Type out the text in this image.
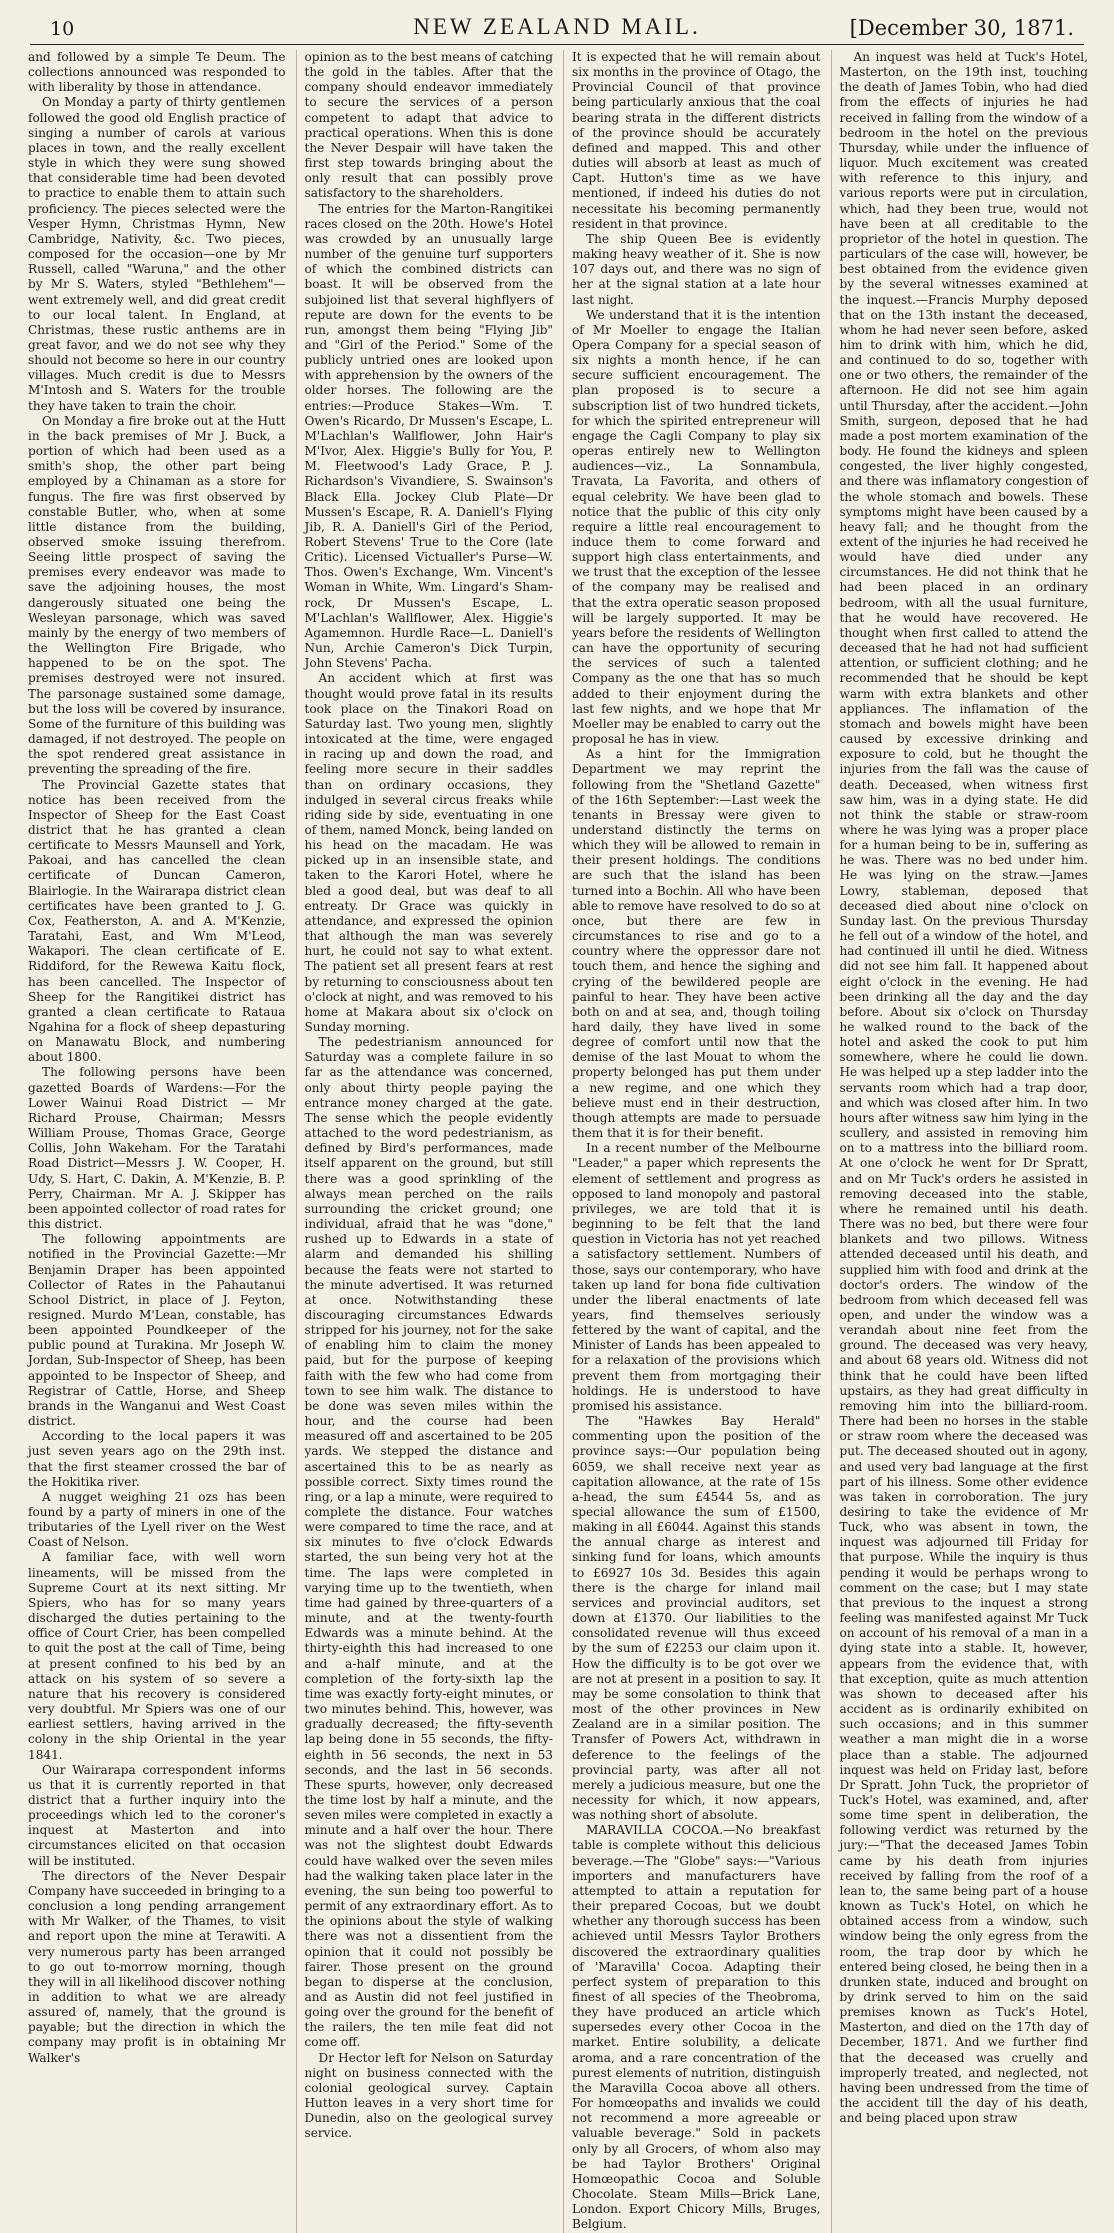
10	NEW ZEALAND MAIL.	[December 30, 1871.

and followed by a simple Te Deum. The collections announced was responded to with liberality by those in attendance.

On Monday a party of thirty gentlemen followed the good old English practice of singing a number of carols at various places in town, and the really excellent style in which they were sung showed that considerable time had been devoted to practice to enable them to attain such proficiency. The pieces selected were the Vesper Hymn, Christmas Hymn, New Cambridge, Nativity, &c. Two pieces, composed for the occasion—one by Mr Russell, called "Waruna," and the other by Mr S. Waters, styled "Bethlehem"—went extremely well, and did great credit to our local talent. In England, at Christmas, these rustic anthems are in great favor, and we do not see why they should not become so here in our country villages. Much credit is due to Messrs M'Intosh and S. Waters for the trouble they have taken to train the choir.

On Monday a fire broke out at the Hutt in the back premises of Mr J. Buck, a portion of which had been used as a smith's shop, the other part being employed by a Chinaman as a store for fungus. The fire was first observed by constable Butler, who, when at some little distance from the building, observed smoke issuing therefrom. Seeing little prospect of saving the premises every endeavor was made to save the adjoining houses, the most dangerously situated one being the Wesleyan parsonage, which was saved mainly by the energy of two members of the Wellington Fire Brigade, who happened to be on the spot. The premises destroyed were not insured. The parsonage sustained some damage, but the loss will be covered by insurance. Some of the furniture of this building was damaged, if not destroyed. The people on the spot rendered great assistance in preventing the spreading of the fire.

The Provincial Gazette states that notice has been received from the Inspector of Sheep for the East Coast district that he has granted a clean certificate to Messrs Maunsell and York, Pakoai, and has cancelled the clean certificate of Duncan Cameron, Blairlogie. In the Wairarapa district clean certificates have been granted to J. G. Cox, Featherston, A. and A. M'Kenzie, Taratahi, East, and Wm M'Leod, Wakapori. The clean certificate of E. Riddiford, for the Rewewa Kaitu flock, has been cancelled. The Inspector of Sheep for the Rangitikei district has granted a clean certificate to Rataua Ngahina for a flock of sheep depasturing on Manawatu Block, and numbering about 1800.

The following persons have been gazetted Boards of Wardens:—For the Lower Wainui Road District — Mr Richard Prouse, Chairman; Messrs William Prouse, Thomas Grace, George Collis, John Wakeham. For the Taratahi Road District—Messrs J. W. Cooper, H. Udy, S. Hart, C. Dakin, A. M'Kenzie, B. P. Perry, Chairman. Mr A. J. Skipper has been appointed collector of road rates for this district.

The following appointments are notified in the Provincial Gazette:—Mr Benjamin Draper has been appointed Collector of Rates in the Pahautanui School District, in place of J. Feyton, resigned. Murdo M'Lean, constable, has been appointed Poundkeeper of the public pound at Turakina. Mr Joseph W. Jordan, Sub-Inspector of Sheep, has been appointed to be Inspector of Sheep, and Registrar of Cattle, Horse, and Sheep brands in the Wanganui and West Coast district.

According to the local papers it was just seven years ago on the 29th inst. that the first steamer crossed the bar of the Hokitika river.

A nugget weighing 21 ozs has been found by a party of miners in one of the tributaries of the Lyell river on the West Coast of Nelson.

A familiar face, with well worn lineaments, will be missed from the Supreme Court at its next sitting. Mr Spiers, who has for so many years discharged the duties pertaining to the office of Court Crier, has been compelled to quit the post at the call of Time, being at present confined to his bed by an attack on his system of so severe a nature that his recovery is considered very doubtful. Mr Spiers was one of our earliest settlers, having arrived in the colony in the ship Oriental in the year 1841.

Our Wairarapa correspondent informs us that it is currently reported in that district that a further inquiry into the proceedings which led to the coroner's inquest at Masterton and into circumstances elicited on that occasion will be instituted.

The directors of the Never Despair Company have succeeded in bringing to a conclusion a long pending arrangement with Mr Walker, of the Thames, to visit and report upon the mine at Terawiti. A very numerous party has been arranged to go out to-morrow morning, though they will in all likelihood discover nothing in addition to what we are already assured of, namely, that the ground is payable; but the direction in which the company may profit is in obtaining Mr Walker's

opinion as to the best means of catching the gold in the tables. After that the company should endeavor immediately to secure the services of a person competent to adapt that advice to practical operations. When this is done the Never Despair will have taken the first step towards bringing about the only result that can possibly prove satisfactory to the shareholders.

The entries for the Marton-Rangitikei races closed on the 20th. Howe's Hotel was crowded by an unusually large number of the genuine turf supporters of which the combined districts can boast. It will be observed from the subjoined list that several highflyers of repute are down for the events to be run, amongst them being "Flying Jib" and "Girl of the Period." Some of the publicly untried ones are looked upon with apprehension by the owners of the older horses. The following are the entries:—Produce Stakes—Wm. T. Owen's Ricardo, Dr Mussen's Escape, L. M'Lachlan's Wallflower, John Hair's M'Ivor, Alex. Higgie's Bully for You, P. M. Fleetwood's Lady Grace, P. J. Richardson's Vivandiere, S. Swainson's Black Ella. Jockey Club Plate—Dr Mussen's Escape, R. A. Daniell's Flying Jib, R. A. Daniell's Girl of the Period, Robert Stevens' True to the Core (late Critic). Licensed Victualler's Purse—W. Thos. Owen's Exchange, Wm. Vincent's Woman in White, Wm. Lingard's Sham-rock, Dr Mussen's Escape, L. M'Lachlan's Wallflower, Alex. Higgie's Agamemnon. Hurdle Race—L. Daniell's Nun, Archie Cameron's Dick Turpin, John Stevens' Pacha.

An accident which at first was thought would prove fatal in its results took place on the Tinakori Road on Saturday last. Two young men, slightly intoxicated at the time, were engaged in racing up and down the road, and feeling more secure in their saddles than on ordinary occasions, they indulged in several circus freaks while riding side by side, eventuating in one of them, named Monck, being landed on his head on the macadam. He was picked up in an insensible state, and taken to the Karori Hotel, where he bled a good deal, but was deaf to all entreaty. Dr Grace was quickly in attendance, and expressed the opinion that although the man was severely hurt, he could not say to what extent. The patient set all present fears at rest by returning to consciousness about ten o'clock at night, and was removed to his home at Makara about six o'clock on Sunday morning.

The pedestrianism announced for Saturday was a complete failure in so far as the attendance was concerned, only about thirty people paying the entrance money charged at the gate. The sense which the people evidently attached to the word pedestrianism, as defined by Bird's performances, made itself apparent on the ground, but still there was a good sprinkling of the always mean perched on the rails surrounding the cricket ground; one individual, afraid that he was "done," rushed up to Edwards in a state of alarm and demanded his shilling because the feats were not started to the minute advertised. It was returned at once. Notwithstanding these discouraging circumstances Edwards stripped for his journey, not for the sake of enabling him to claim the money paid, but for the purpose of keeping faith with the few who had come from town to see him walk. The distance to be done was seven miles within the hour, and the course had been measured off and ascertained to be 205 yards. We stepped the distance and ascertained this to be as nearly as possible correct. Sixty times round the ring, or a lap a minute, were required to complete the distance. Four watches were compared to time the race, and at six minutes to five o'clock Edwards started, the sun being very hot at the time. The laps were completed in varying time up to the twentieth, when time had gained by three-quarters of a minute, and at the twenty-fourth Edwards was a minute behind. At the thirty-eighth this had increased to one and a-half minute, and at the completion of the forty-sixth lap the time was exactly forty-eight minutes, or two minutes behind. This, however, was gradually decreased; the fifty-seventh lap being done in 55 seconds, the fifty-eighth in 56 seconds, the next in 53 seconds, and the last in 56 seconds. These spurts, however, only decreased the time lost by half a minute, and the seven miles were completed in exactly a minute and a half over the hour. There was not the slightest doubt Edwards could have walked over the seven miles had the walking taken place later in the evening, the sun being too powerful to permit of any extraordinary effort. As to the opinions about the style of walking there was not a dissentient from the opinion that it could not possibly be fairer. Those present on the ground began to disperse at the conclusion, and as Austin did not feel justified in going over the ground for the benefit of the railers, the ten mile feat did not come off.

Dr Hector left for Nelson on Saturday night on business connected with the colonial geological survey. Captain Hutton leaves in a very short time for Dunedin, also on the geological survey service.

It is expected that he will remain about six months in the province of Otago, the Provincial Council of that province being particularly anxious that the coal bearing strata in the different districts of the province should be accurately defined and mapped. This and other duties will absorb at least as much of Capt. Hutton's time as we have mentioned, if indeed his duties do not necessitate his becoming permanently resident in that province.

The ship Queen Bee is evidently making heavy weather of it. She is now 107 days out, and there was no sign of her at the signal station at a late hour last night.

We understand that it is the intention of Mr Moeller to engage the Italian Opera Company for a special season of six nights a month hence, if he can secure sufficient encouragement. The plan proposed is to secure a subscription list of two hundred tickets, for which the spirited entrepreneur will engage the Cagli Company to play six operas entirely new to Wellington audiences—viz., La Sonnambula, Travata, La Favorita, and others of equal celebrity. We have been glad to notice that the public of this city only require a little real encouragement to induce them to come forward and support high class entertainments, and we trust that the exception of the lessee of the company may be realised and that the extra operatic season proposed will be largely supported. It may be years before the residents of Wellington can have the opportunity of securing the services of such a talented Company as the one that has so much added to their enjoyment during the last few nights, and we hope that Mr Moeller may be enabled to carry out the proposal he has in view.

As a hint for the Immigration Department we may reprint the following from the "Shetland Gazette" of the 16th September:—Last week the tenants in Bressay were given to understand distinctly the terms on which they will be allowed to remain in their present holdings. The conditions are such that the island has been turned into a Bochin. All who have been able to remove have resolved to do so at once, but there are few in circumstances to rise and go to a country where the oppressor dare not touch them, and hence the sighing and crying of the bewildered people are painful to hear. They have been active both on and at sea, and, though toiling hard daily, they have lived in some degree of comfort until now that the demise of the last Mouat to whom the property belonged has put them under a new regime, and one which they believe must end in their destruction, though attempts are made to persuade them that it is for their benefit.

In a recent number of the Melbourne "Leader," a paper which represents the element of settlement and progress as opposed to land monopoly and pastoral privileges, we are told that it is beginning to be felt that the land question in Victoria has not yet reached a satisfactory settlement. Numbers of those, says our contemporary, who have taken up land for bona fide cultivation under the liberal enactments of late years, find themselves seriously fettered by the want of capital, and the Minister of Lands has been appealed to for a relaxation of the provisions which prevent them from mortgaging their holdings. He is understood to have promised his assistance.

The "Hawkes Bay Herald" commenting upon the position of the province says:—Our population being 6059, we shall receive next year as capitation allowance, at the rate of 15s a-head, the sum £4544 5s, and as special allowance the sum of £1500, making in all £6044. Against this stands the annual charge as interest and sinking fund for loans, which amounts to £6927 10s 3d. Besides this again there is the charge for inland mail services and provincial auditors, set down at £1370. Our liabilities to the consolidated revenue will thus exceed by the sum of £2253 our claim upon it. How the difficulty is to be got over we are not at present in a position to say. It may be some consolation to think that most of the other provinces in New Zealand are in a similar position. The Transfer of Powers Act, withdrawn in deference to the feelings of the provincial party, was after all not merely a judicious measure, but one the necessity for which, it now appears, was nothing short of absolute.

MARAVILLA COCOA.—No breakfast table is complete without this delicious beverage.—The "Globe" says:—"Various importers and manufacturers have attempted to attain a reputation for their prepared Cocoas, but we doubt whether any thorough success has been achieved until Messrs Taylor Brothers discovered the extraordinary qualities of 'Maravilla' Cocoa. Adapting their perfect system of preparation to this finest of all species of the Theobroma, they have produced an article which supersedes every other Cocoa in the market. Entire solubility, a delicate aroma, and a rare concentration of the purest elements of nutrition, distinguish the Maravilla Cocoa above all others. For homœopaths and invalids we could not recommend a more agreeable or valuable beverage." Sold in packets only by all Grocers, of whom also may be had Taylor Brothers' Original Homœopathic Cocoa and Soluble Chocolate. Steam Mills—Brick Lane, London. Export Chicory Mills, Bruges, Belgium.

An inquest was held at Tuck's Hotel, Masterton, on the 19th inst, touching the death of James Tobin, who had died from the effects of injuries he had received in falling from the window of a bedroom in the hotel on the previous Thursday, while under the influence of liquor. Much excitement was created with reference to this injury, and various reports were put in circulation, which, had they been true, would not have been at all creditable to the proprietor of the hotel in question. The particulars of the case will, however, be best obtained from the evidence given by the several witnesses examined at the inquest.—Francis Murphy deposed that on the 13th instant the deceased, whom he had never seen before, asked him to drink with him, which he did, and continued to do so, together with one or two others, the remainder of the afternoon. He did not see him again until Thursday, after the accident.—John Smith, surgeon, deposed that he had made a post mortem examination of the body. He found the kidneys and spleen congested, the liver highly congested, and there was inflamatory congestion of the whole stomach and bowels. These symptoms might have been caused by a heavy fall; and he thought from the extent of the injuries he had received he would have died under any circumstances. He did not think that he had been placed in an ordinary bedroom, with all the usual furniture, that he would have recovered. He thought when first called to attend the deceased that he had not had sufficient attention, or sufficient clothing; and he recommended that he should be kept warm with extra blankets and other appliances. The inflamation of the stomach and bowels might have been caused by excessive drinking and exposure to cold, but he thought the injuries from the fall was the cause of death. Deceased, when witness first saw him, was in a dying state. He did not think the stable or straw-room where he was lying was a proper place for a human being to be in, suffering as he was. There was no bed under him. He was lying on the straw.—James Lowry, stableman, deposed that deceased died about nine o'clock on Sunday last. On the previous Thursday he fell out of a window of the hotel, and had continued ill until he died. Witness did not see him fall. It happened about eight o'clock in the evening. He had been drinking all the day and the day before. About six o'clock on Thursday he walked round to the back of the hotel and asked the cook to put him somewhere, where he could lie down. He was helped up a step ladder into the servants room which had a trap door, and which was closed after him. In two hours after witness saw him lying in the scullery, and assisted in removing him on to a mattress into the billiard room. At one o'clock he went for Dr Spratt, and on Mr Tuck's orders he assisted in removing deceased into the stable, where he remained until his death. There was no bed, but there were four blankets and two pillows. Witness attended deceased until his death, and supplied him with food and drink at the doctor's orders. The window of the bedroom from which deceased fell was open, and under the window was a verandah about nine feet from the ground. The deceased was very heavy, and about 68 years old. Witness did not think that he could have been lifted upstairs, as they had great difficulty in removing him into the billiard-room. There had been no horses in the stable or straw room where the deceased was put. The deceased shouted out in agony, and used very bad language at the first part of his illness. Some other evidence was taken in corroboration. The jury desiring to take the evidence of Mr Tuck, who was absent in town, the inquest was adjourned till Friday for that purpose. While the inquiry is thus pending it would be perhaps wrong to comment on the case; but I may state that previous to the inquest a strong feeling was manifested against Mr Tuck on account of his removal of a man in a dying state into a stable. It, however, appears from the evidence that, with that exception, quite as much attention was shown to deceased after his accident as is ordinarily exhibited on such occasions; and in this summer weather a man might die in a worse place than a stable. The adjourned inquest was held on Friday last, before Dr Spratt. John Tuck, the proprietor of Tuck's Hotel, was examined, and, after some time spent in deliberation, the following verdict was returned by the jury:—"That the deceased James Tobin came by his death from injuries received by falling from the roof of a lean to, the same being part of a house known as Tuck's Hotel, on which he obtained access from a window, such window being the only egress from the room, the trap door by which he entered being closed, he being then in a drunken state, induced and brought on by drink served to him on the said premises known as Tuck's Hotel, Masterton, and died on the 17th day of December, 1871. And we further find that the deceased was cruelly and improperly treated, and neglected, not having been undressed from the time of the accident till the day of his death, and being placed upon straw
